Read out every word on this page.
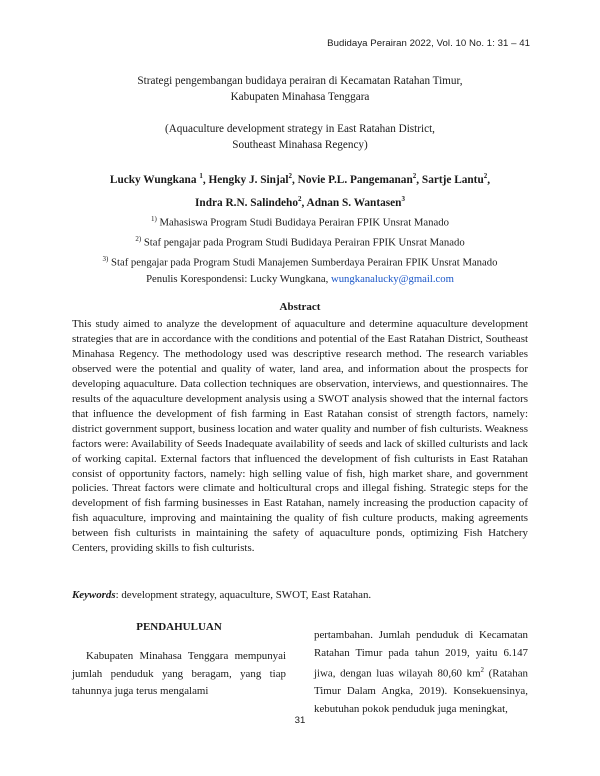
Budidaya Perairan 2022, Vol. 10 No. 1: 31 – 41
Strategi pengembangan budidaya perairan di Kecamatan Ratahan Timur,
Kabupaten Minahasa Tenggara
(Aquaculture development strategy in East Ratahan District,
Southeast Minahasa Regency)
Lucky Wungkana $^1$, Hengky J. Sinjal$^2$, Novie P.L. Pangemanan$^2$, Sartje Lantu$^2$,
Indra R.N. Salindeho$^2$, Adnan S. Wantasen$^3$
$^{1)}$ Mahasiswa Program Studi Budidaya Perairan FPIK Unsrat Manado
$^{2)}$ Staf pengajar pada Program Studi Budidaya Perairan FPIK Unsrat Manado
$^{3)}$ Staf pengajar pada Program Studi Manajemen Sumberdaya Perairan FPIK Unsrat Manado
Penulis Korespondensi: Lucky Wungkana, wungkanalucky@gmail.com
Abstract
This study aimed to analyze the development of aquaculture and determine aquaculture development strategies that are in accordance with the conditions and potential of the East Ratahan District, Southeast Minahasa Regency. The methodology used was descriptive research method. The research variables observed were the potential and quality of water, land area, and information about the prospects for developing aquaculture. Data collection techniques are observation, interviews, and questionnaires. The results of the aquaculture development analysis using a SWOT analysis showed that the internal factors that influence the development of fish farming in East Ratahan consist of strength factors, namely: district government support, business location and water quality and number of fish culturists. Weakness factors were: Availability of Seeds Inadequate availability of seeds and lack of skilled culturists and lack of working capital. External factors that influenced the development of fish culturists in East Ratahan consist of opportunity factors, namely: high selling value of fish, high market share, and government policies. Threat factors were climate and holticultural crops and illegal fishing. Strategic steps for the development of fish farming businesses in East Ratahan, namely increasing the production capacity of fish aquaculture, improving and maintaining the quality of fish culture products, making agreements between fish culturists in maintaining the safety of aquaculture ponds, optimizing Fish Hatchery Centers, providing skills to fish culturists.
Keywords: development strategy, aquaculture, SWOT, East Ratahan.
PENDAHULUAN
Kabupaten Minahasa Tenggara mempunyai jumlah penduduk yang beragam, yang tiap tahunnya juga terus mengalami
pertambahan. Jumlah penduduk di Kecamatan Ratahan Timur pada tahun 2019, yaitu 6.147 jiwa, dengan luas wilayah 80,60 $km^2$ (Ratahan Timur Dalam Angka, 2019). Konsekuensinya, kebutuhan pokok penduduk juga meningkat,
31
